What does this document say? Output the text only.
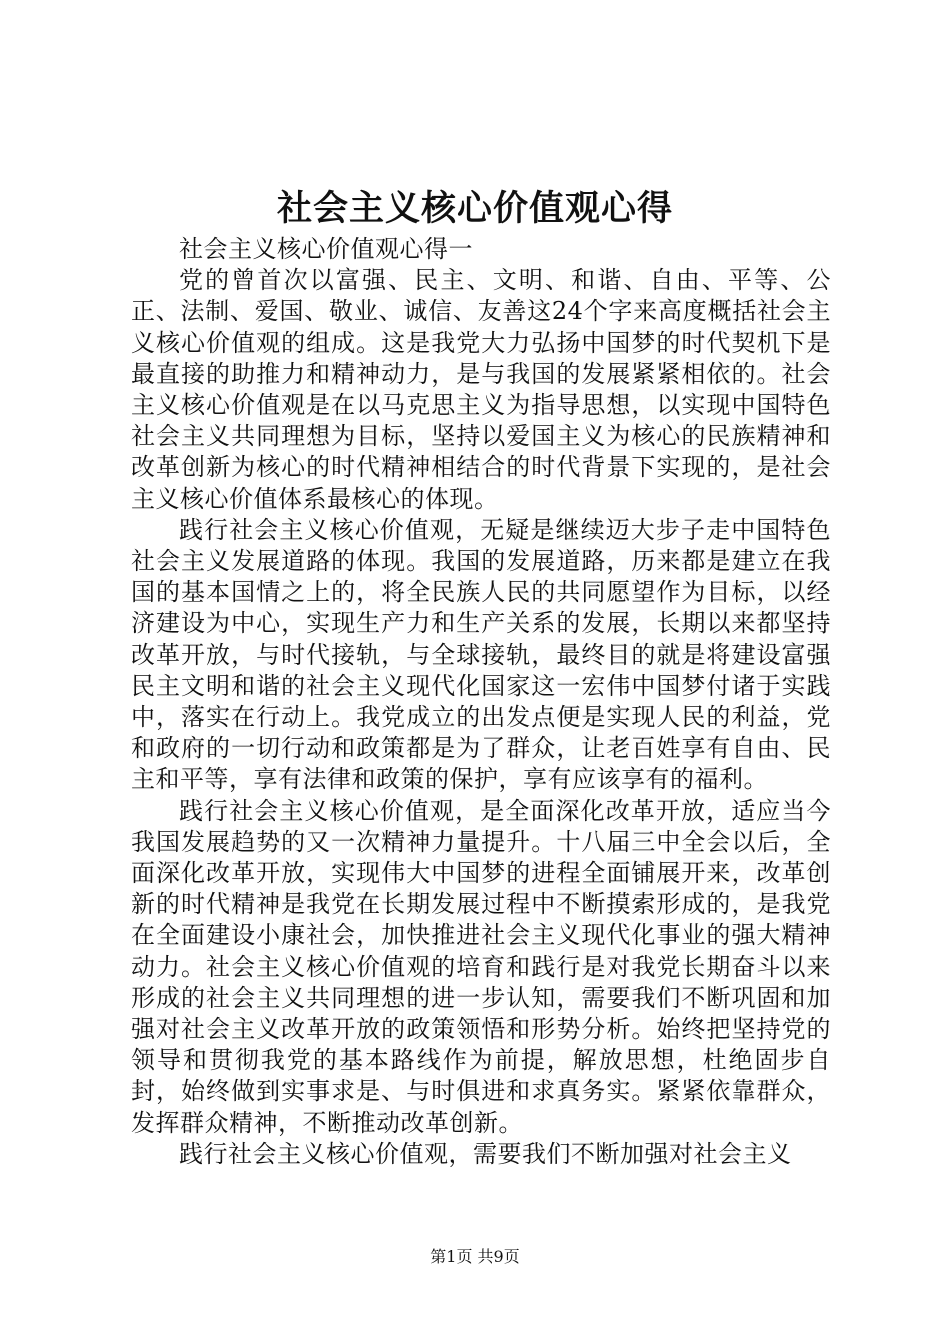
社会主义核心价值观心得

社会主义核心价值观心得一

党的曾首次以富强、民主、文明、和谐、自由、平等、公正、法制、爱国、敬业、诚信、友善这24个字来高度概括社会主义核心价值观的组成。这是我党大力弘扬中国梦的时代契机下是最直接的助推力和精神动力，是与我国的发展紧紧相依的。社会主义核心价值观是在以马克思主义为指导思想，以实现中国特色社会主义共同理想为目标，坚持以爱国主义为核心的民族精神和改革创新为核心的时代精神相结合的时代背景下实现的，是社会主义核心价值体系最核心的体现。

践行社会主义核心价值观，无疑是继续迈大步子走中国特色社会主义发展道路的体现。我国的发展道路，历来都是建立在我国的基本国情之上的，将全民族人民的共同愿望作为目标，以经济建设为中心，实现生产力和生产关系的发展，长期以来都坚持改革开放，与时代接轨，与全球接轨，最终目的就是将建设富强民主文明和谐的社会主义现代化国家这一宏伟中国梦付诸于实践中，落实在行动上。我党成立的出发点便是实现人民的利益，党和政府的一切行动和政策都是为了群众，让老百姓享有自由、民主和平等，享有法律和政策的保护，享有应该享有的福利。

践行社会主义核心价值观，是全面深化改革开放，适应当今我国发展趋势的又一次精神力量提升。十八届三中全会以后，全面深化改革开放，实现伟大中国梦的进程全面铺展开来，改革创新的时代精神是我党在长期发展过程中不断摸索形成的，是我党在全面建设小康社会，加快推进社会主义现代化事业的强大精神动力。社会主义核心价值观的培育和践行是对我党长期奋斗以来形成的社会主义共同理想的进一步认知，需要我们不断巩固和加强对社会主义改革开放的政策领悟和形势分析。始终把坚持党的领导和贯彻我党的基本路线作为前提，解放思想，杜绝固步自封，始终做到实事求是、与时俱进和求真务实。紧紧依靠群众，发挥群众精神，不断推动改革创新。

践行社会主义核心价值观，需要我们不断加强对社会主义

第1页 共9页
